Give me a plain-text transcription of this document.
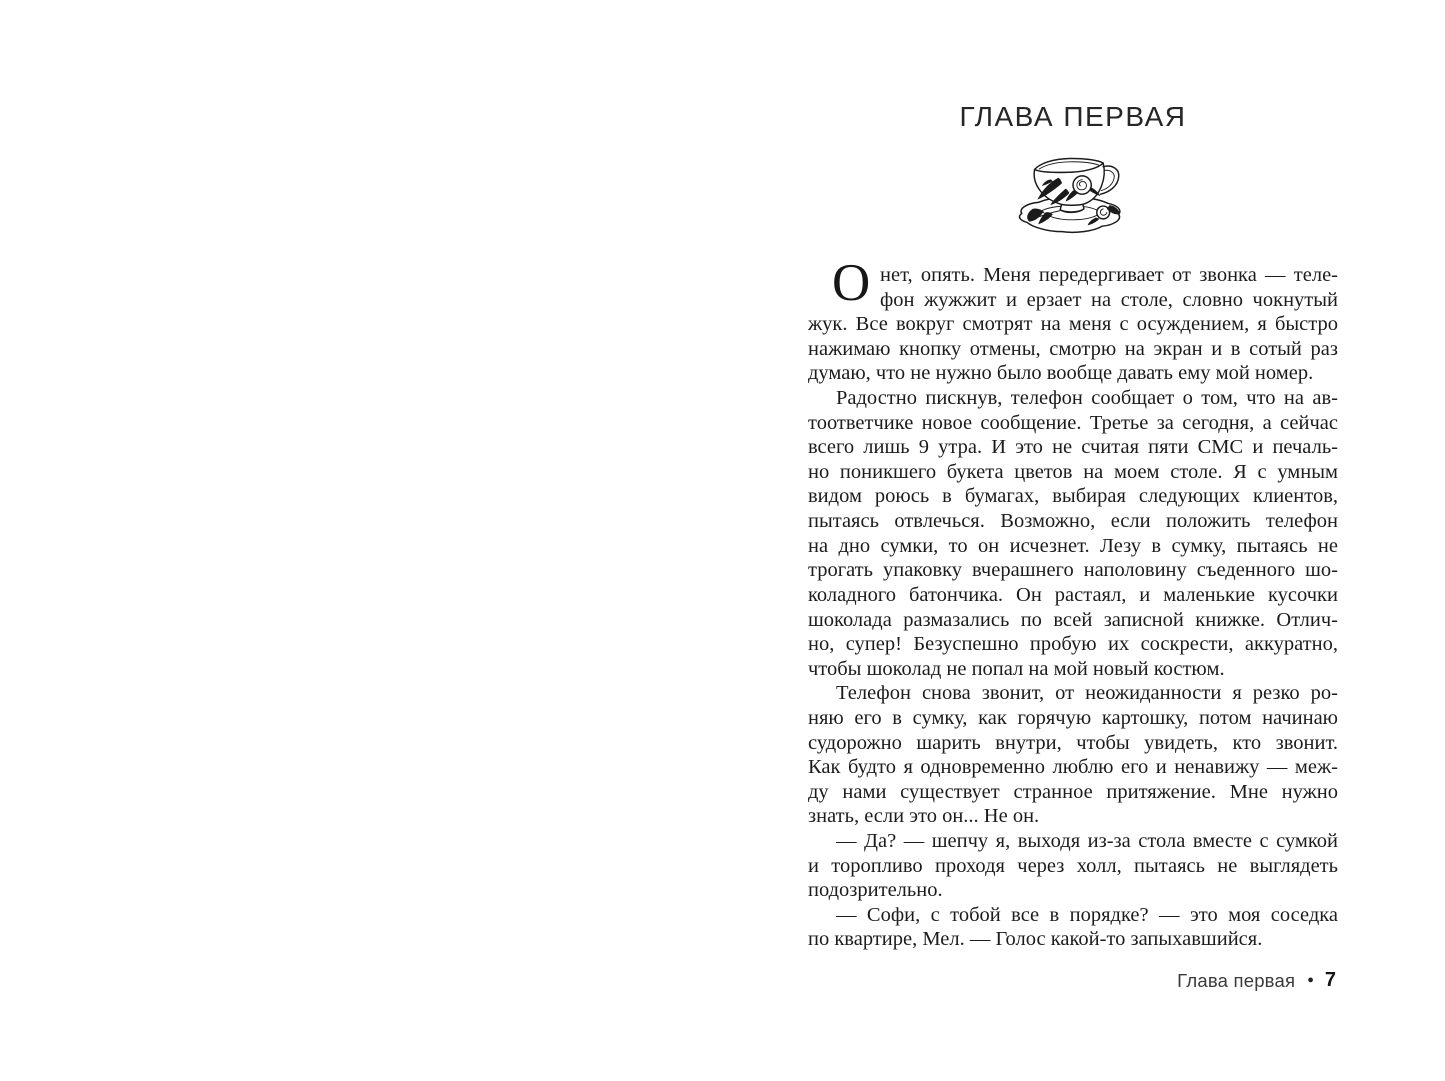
ГЛАВА ПЕРВАЯ
О нет, опять. Меня передергивает от звонка — теле-
фон жужжит и ерзает на столе, словно чокнутый
жук. Все вокруг смотрят на меня с осуждением, я быстро
нажимаю кнопку отмены, смотрю на экран и в сотый раз
думаю, что не нужно было вообще давать ему мой номер.
Радостно пискнув, телефон сообщает о том, что на ав-
тоответчике новое сообщение. Третье за сегодня, а сейчас
всего лишь 9 утра. И это не считая пяти СМС и печаль-
но поникшего букета цветов на моем столе. Я с умным
видом роюсь в бумагах, выбирая следующих клиентов,
пытаясь отвлечься. Возможно, если положить телефон
на дно сумки, то он исчезнет. Лезу в сумку, пытаясь не
трогать упаковку вчерашнего наполовину съеденного шо-
коладного батончика. Он растаял, и маленькие кусочки
шоколада размазались по всей записной книжке. Отлич-
но, супер! Безуспешно пробую их соскрести, аккуратно,
чтобы шоколад не попал на мой новый костюм.
Телефон снова звонит, от неожиданности я резко ро-
няю его в сумку, как горячую картошку, потом начинаю
судорожно шарить внутри, чтобы увидеть, кто звонит.
Как будто я одновременно люблю его и ненавижу — меж-
ду нами существует странное притяжение. Мне нужно
знать, если это он... Не он.
— Да? — шепчу я, выходя из-за стола вместе с сумкой
и торопливо проходя через холл, пытаясь не выглядеть
подозрительно.
— Софи, с тобой все в порядке? — это моя соседка
по квартире, Мел. — Голос какой-то запыхавшийся.
Глава первая ● 7
